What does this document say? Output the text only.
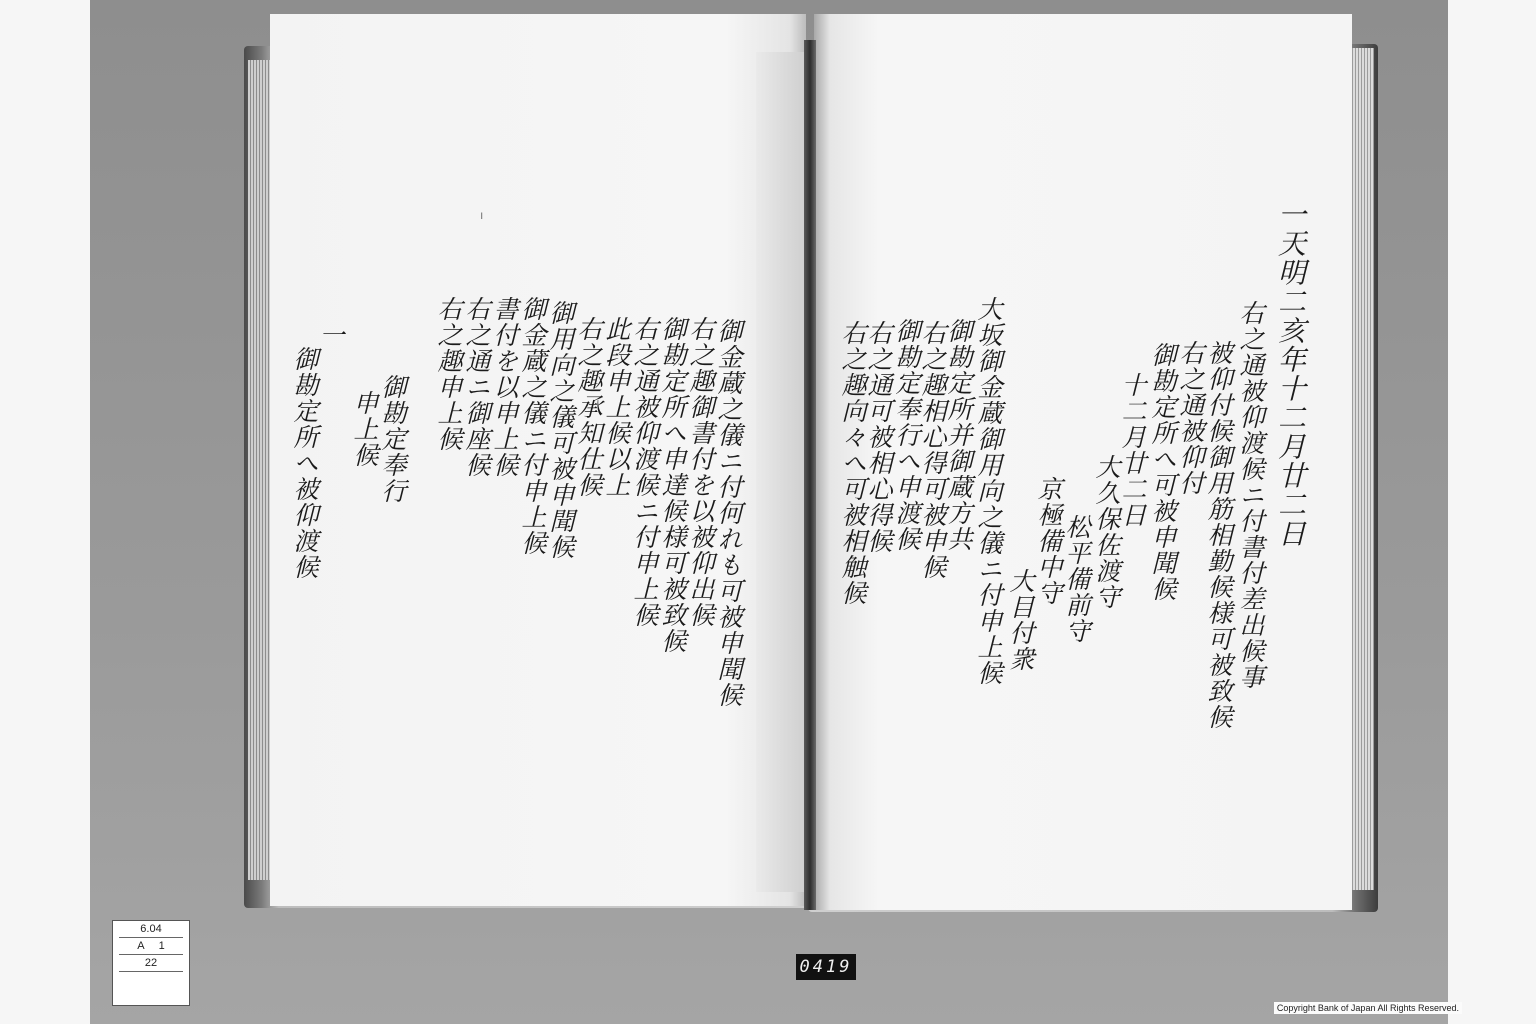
ı	一天明二亥年十二月廿二日
右之通被仰渡候ニ付書付差出候事
被仰付候御用筋相勤候様可被致候
右之通被仰付
御勘定所へ可被申聞候
十二月廿二日
大久保佐渡守
松平備前守
京極備中守
大目付衆
大坂御金蔵御用向之儀ニ付申上候
御勘定所并御蔵方共
右之趣相心得可被申候
御勘定奉行へ申渡候
右之通可被相心得候
右之趣向々へ可被相触候
御金蔵之儀ニ付何れも可被申聞候
右之趣御書付を以被仰出候
御勘定所へ申達候様可被致候
右之通被仰渡候ニ付申上候
此段申上候以上
右之趣承知仕候
御用向之儀可被申聞候
御金蔵之儀ニ付申上候
書付を以申上候
右之通ニ御座候
右之趣申上候
御勘定奉行
申上候
一
御勘定所へ被仰渡候
6.04
A 1
22	0419
Copyright Bank of Japan All Rights Reserved.
